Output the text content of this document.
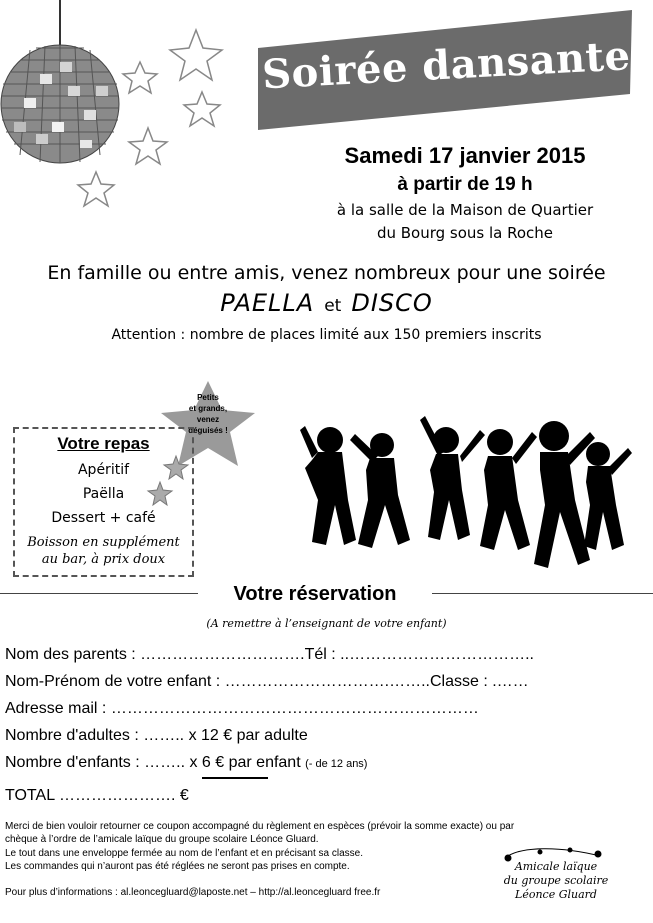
Soirée dansante
Samedi 17 janvier 2015
à partir de 19 h
à la salle de la Maison de Quartier
du Bourg sous la Roche
En famille ou entre amis, venez nombreux pour une soirée
PAELLA et DISCO
Attention : nombre de places limité aux 150 premiers inscrits
Petits
et grands,
venez
déguisés !
Votre repas
Apéritif
Paëlla
Dessert + café
Boisson en supplément
au bar, à prix doux
Votre réservation
(A remettre à l’enseignant de votre enfant)
Nom des parents : ………………………….Tél : ..……………………………..
Nom-Prénom de votre enfant : ………………………….……..Classe : .……
Adresse mail : ……………………………………………………………
Nombre d'adultes : …….. x 12 € par adulte
Nombre d'enfants : …….. x 6 € par enfant (- de 12 ans)
TOTAL …………………. €
Merci de bien vouloir retourner ce coupon accompagné du règlement en espèces (prévoir la somme exacte) ou par
chèque à l’ordre de l’amicale laïque du groupe scolaire Léonce Gluard.
Le tout dans une enveloppe fermée au nom de l’enfant et en précisant sa classe.
Les commandes qui n’auront pas été réglées ne seront pas prises en compte.
Pour plus d’informations : al.leoncegluard@laposte.net – http://al.leoncegluard free.fr
Amicale laïque
du groupe scolaire
Léonce Gluard
